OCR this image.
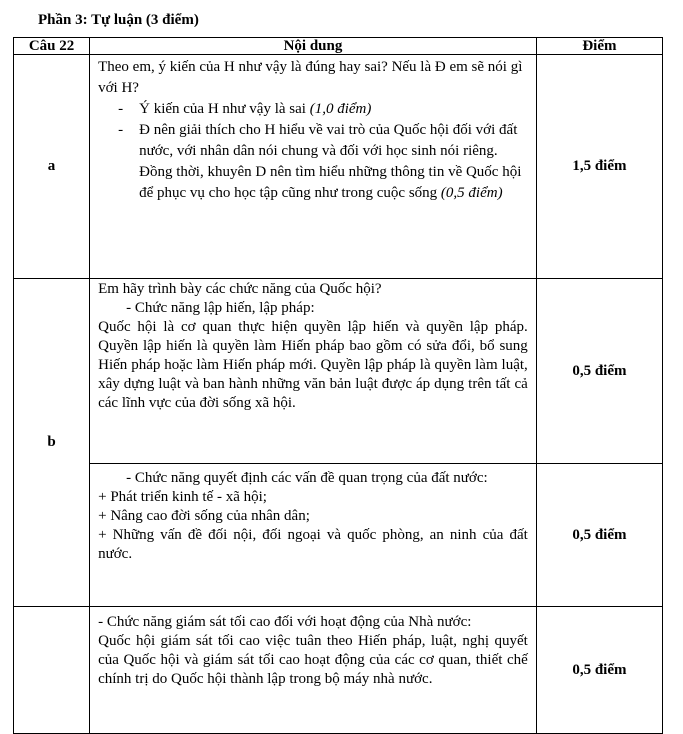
Phần 3: Tự luận (3 điểm)
Câu 22	Nội dung	Điểm
a	Theo em, ý kiến của H như vậy là đúng hay sai? Nếu là Đ em sẽ nói gì với H?

- Ý kiến của H như vậy là sai (1,0 điểm)
- Đ nên giải thích cho H hiểu về vai trò của Quốc hội đối với đất nước, với nhân dân nói chung và đối với học sinh nói riêng. Đồng thời, khuyên D nên tìm hiểu những thông tin về Quốc hội để phục vụ cho học tập cũng như trong cuộc sống (0,5 điểm)	1,5 điểm
b	Em hãy trình bày các chức năng của Quốc hội?

- Chức năng lập hiến, lập pháp:

Quốc hội là cơ quan thực hiện quyền lập hiến và quyền lập pháp. Quyền lập hiến là quyền làm Hiến pháp bao gồm có sửa đổi, bổ sung Hiến pháp hoặc làm Hiến pháp mới. Quyền lập pháp là quyền làm luật, xây dựng luật và ban hành những văn bản luật được áp dụng trên tất cả các lĩnh vực của đời sống xã hội.	0,5 điểm

	- Chức năng quyết định các vấn đề quan trọng của đất nước:

+ Phát triển kinh tế - xã hội;

+ Nâng cao đời sống của nhân dân;

+ Những vấn đề đối nội, đối ngoại và quốc phòng, an ninh của đất nước.	0,5 điểm

	- Chức năng giám sát tối cao đối với hoạt động của Nhà nước:

Quốc hội giám sát tối cao việc tuân theo Hiến pháp, luật, nghị quyết của Quốc hội và giám sát tối cao hoạt động của các cơ quan, thiết chế chính trị do Quốc hội thành lập trong bộ máy nhà nước.	0,5 điểm
